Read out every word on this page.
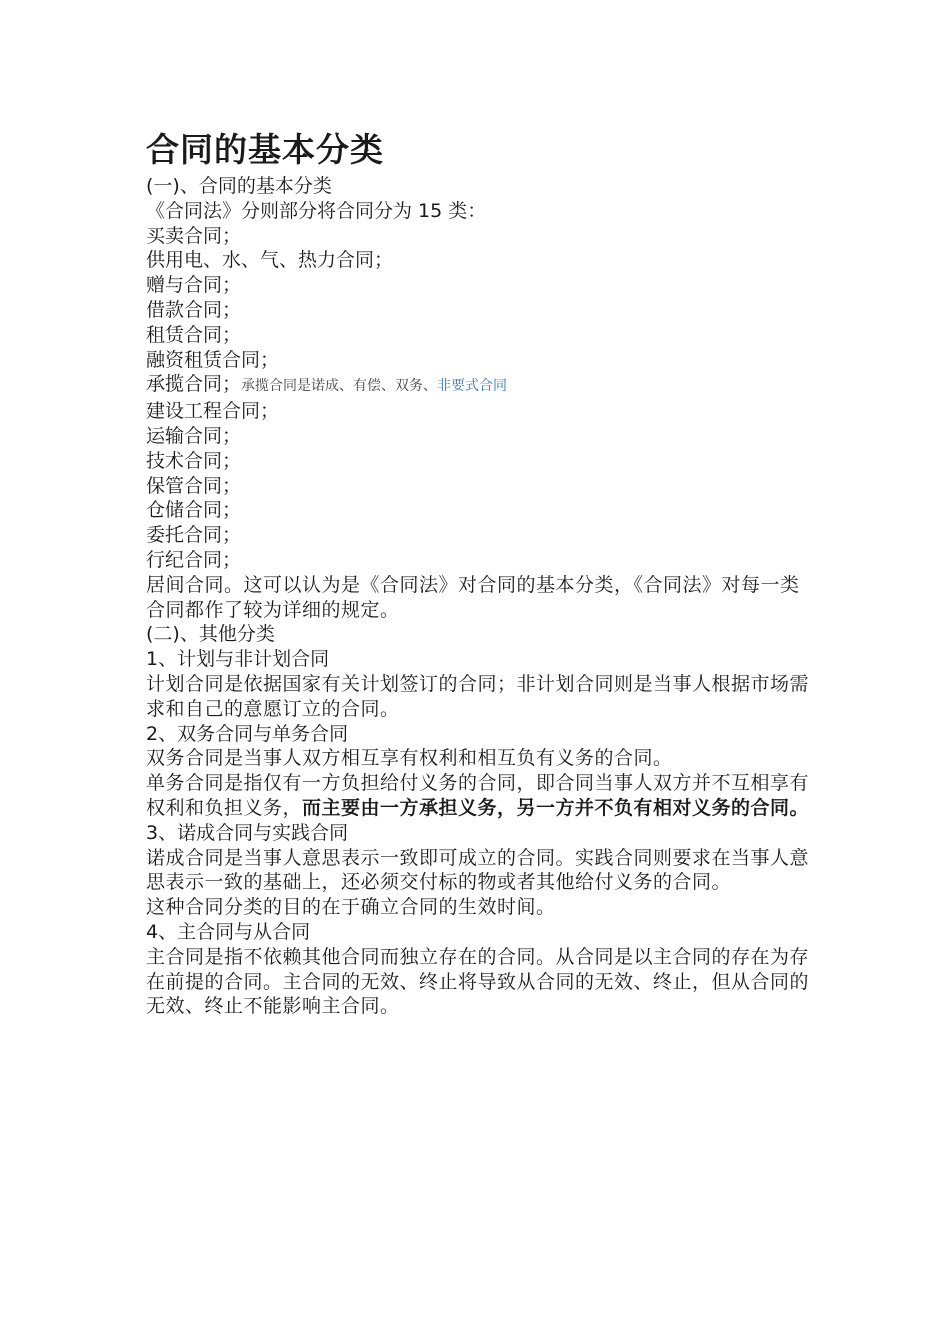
合同的基本分类

(一)、合同的基本分类

《合同法》分则部分将合同分为 15 类：

买卖合同；

供用电、水、气、热力合同；

赠与合同；

借款合同；

租赁合同；

融资租赁合同；

承揽合同；承揽合同是诺成、有偿、双务、非要式合同

建设工程合同；

运输合同；

技术合同；

保管合同；

仓储合同；

委托合同；

行纪合同；

居间合同。这可以认为是《合同法》对合同的基本分类，《合同法》对每一类合同都作了较为详细的规定。

(二)、其他分类

1、计划与非计划合同

计划合同是依据国家有关计划签订的合同；非计划合同则是当事人根据市场需求和自己的意愿订立的合同。

2、双务合同与单务合同

双务合同是当事人双方相互享有权利和相互负有义务的合同。

单务合同是指仅有一方负担给付义务的合同，即合同当事人双方并不互相享有权利和负担义务，而主要由一方承担义务，另一方并不负有相对义务的合同。

3、诺成合同与实践合同

诺成合同是当事人意思表示一致即可成立的合同。实践合同则要求在当事人意思表示一致的基础上，还必须交付标的物或者其他给付义务的合同。

这种合同分类的目的在于确立合同的生效时间。

4、主合同与从合同

主合同是指不依赖其他合同而独立存在的合同。从合同是以主合同的存在为存在前提的合同。主合同的无效、终止将导致从合同的无效、终止，但从合同的无效、终止不能影响主合同。
